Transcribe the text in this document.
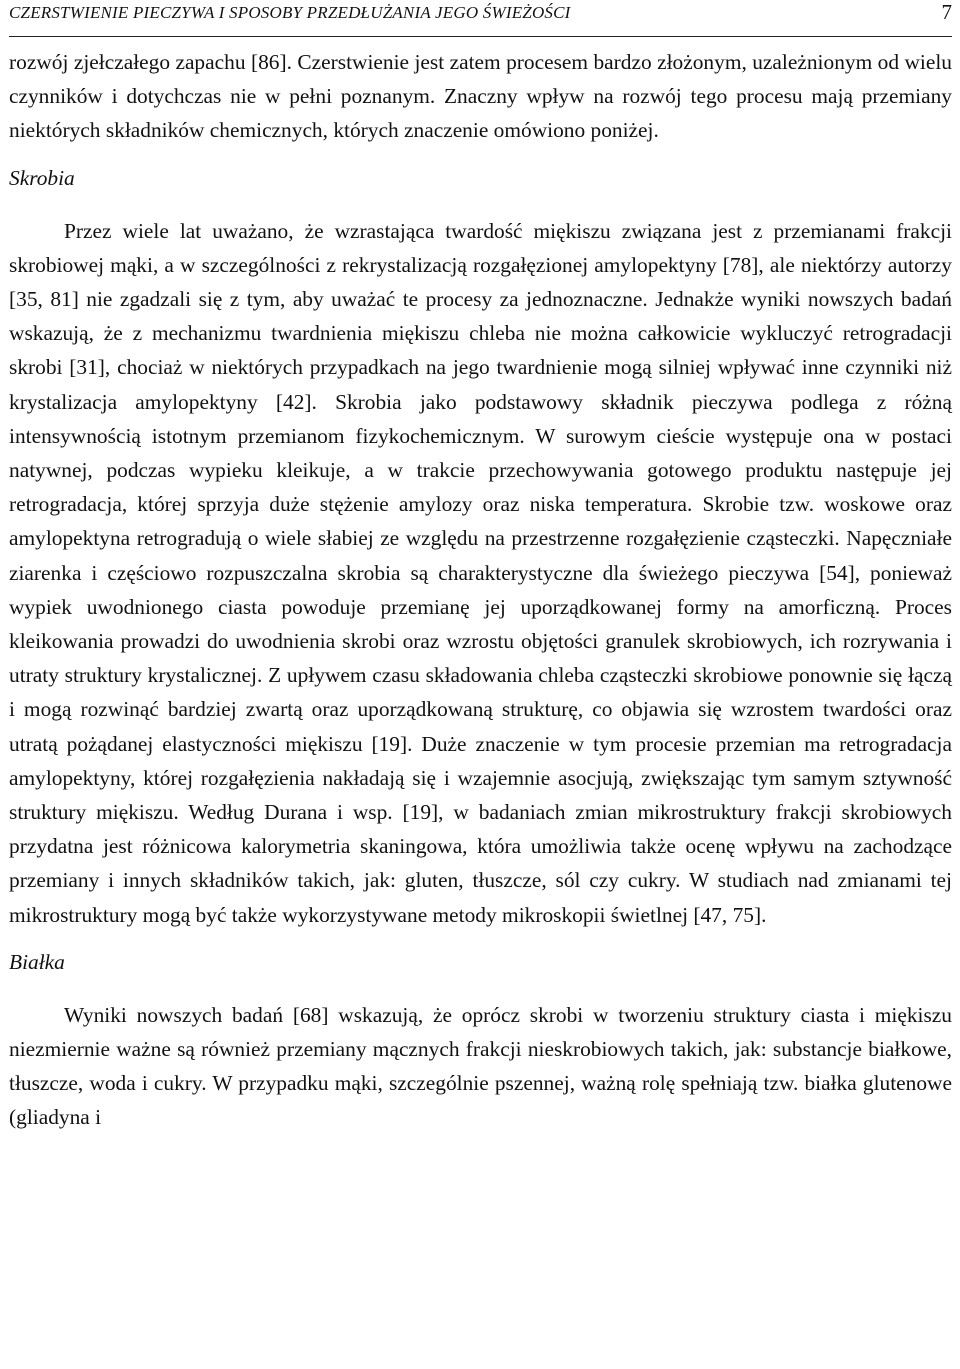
CZERSTWIENIE PIECZYWA I SPOSOBY PRZEDŁUŻANIA JEGO ŚWIEŻOŚCI	7

rozwój zjełczałego zapachu [86]. Czerstwienie jest zatem procesem bardzo złożonym, uzależnionym od wielu czynników i dotychczas nie w pełni poznanym. Znaczny wpływ na rozwój tego procesu mają przemiany niektórych składników chemicznych, których znaczenie omówiono poniżej.

Skrobia

Przez wiele lat uważano, że wzrastająca twardość miękiszu związana jest z przemianami frakcji skrobiowej mąki, a w szczególności z rekrystalizacją rozgałęzionej amylopektyny [78], ale niektórzy autorzy [35, 81] nie zgadzali się z tym, aby uważać te procesy za jednoznaczne. Jednakże wyniki nowszych badań wskazują, że z mechanizmu twardnienia miękiszu chleba nie można całkowicie wykluczyć retrogradacji skrobi [31], chociaż w niektórych przypadkach na jego twardnienie mogą silniej wpływać inne czynniki niż krystalizacja amylopektyny [42]. Skrobia jako podstawowy składnik pieczywa podlega z różną intensywnością istotnym przemianom fizykochemicznym. W surowym cieście występuje ona w postaci natywnej, podczas wypieku kleikuje, a w trakcie przechowywania gotowego produktu następuje jej retrogradacja, której sprzyja duże stężenie amylozy oraz niska temperatura. Skrobie tzw. woskowe oraz amylopektyna retrogradują o wiele słabiej ze względu na przestrzenne rozgałęzienie cząsteczki. Napęczniałe ziarenka i częściowo rozpuszczalna skrobia są charakterystyczne dla świeżego pieczywa [54], ponieważ wypiek uwodnionego ciasta powoduje przemianę jej uporządkowanej formy na amorficzną. Proces kleikowania prowadzi do uwodnienia skrobi oraz wzrostu objętości granulek skrobiowych, ich rozrywania i utraty struktury krystalicznej. Z upływem czasu składowania chleba cząsteczki skrobiowe ponownie się łączą i mogą rozwinąć bardziej zwartą oraz uporządkowaną strukturę, co objawia się wzrostem twardości oraz utratą pożądanej elastyczności miękiszu [19]. Duże znaczenie w tym procesie przemian ma retrogradacja amylopektyny, której rozgałęzienia nakładają się i wzajemnie asocjują, zwiększając tym samym sztywność struktury miękiszu. Według Durana i wsp. [19], w badaniach zmian mikrostruktury frakcji skrobiowych przydatna jest różnicowa kalorymetria skaningowa, która umożliwia także ocenę wpływu na zachodzące przemiany i innych składników takich, jak: gluten, tłuszcze, sól czy cukry. W studiach nad zmianami tej mikrostruktury mogą być także wykorzystywane metody mikroskopii świetlnej [47, 75].

Białka

Wyniki nowszych badań [68] wskazują, że oprócz skrobi w tworzeniu struktury ciasta i miękiszu niezmiernie ważne są również przemiany mącznych frakcji nieskrobiowych takich, jak: substancje białkowe, tłuszcze, woda i cukry. W przypadku mąki, szczególnie pszennej, ważną rolę spełniają tzw. białka glutenowe (gliadyna i
